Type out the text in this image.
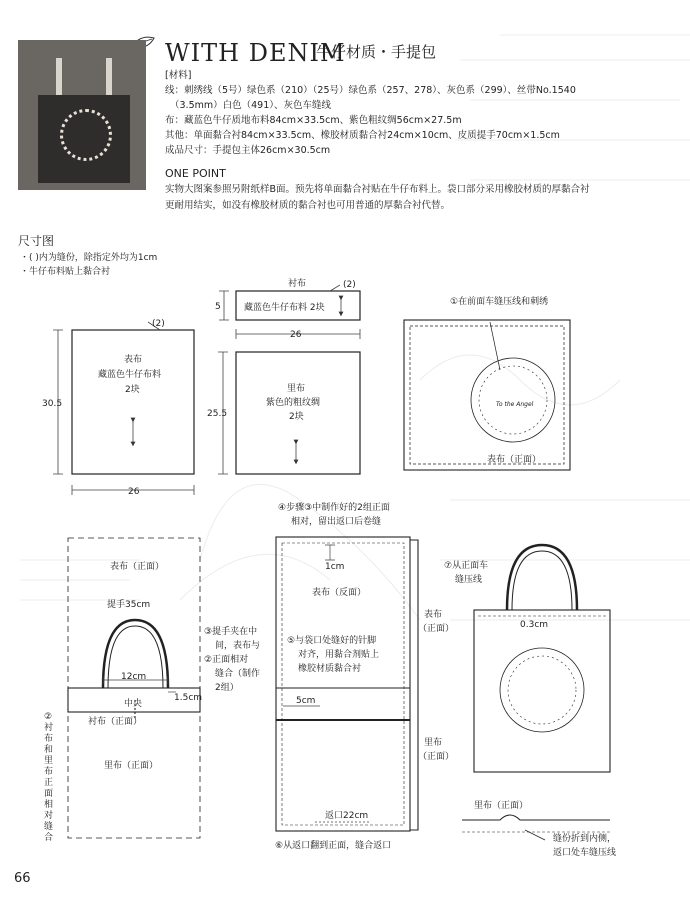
WITH DENIM
牛仔材质・手提包
[材料]
线：刺绣线（5号）绿色系（210）（25号）绿色系（257、278）、灰色系（299）、丝带No.1540
（3.5mm）白色（491）、灰色车缝线
布：藏蓝色牛仔质地布料84cm×33.5cm、紫色粗纹绸56cm×27.5m
其他：单面黏合衬84cm×33.5cm、橡胶材质黏合衬24cm×10cm、皮质提手70cm×1.5cm
成品尺寸：手提包主体26cm×30.5cm
ONE POINT
实物大图案参照另附纸样B面。预先将单面黏合衬贴在牛仔布料上。袋口部分采用橡胶材质的厚黏合衬
更耐用结实，如没有橡胶材质的黏合衬也可用普通的厚黏合衬代替。
尺寸图
・( )内为缝份，除指定外均为1cm
・牛仔布料贴上黏合衬
衬布	(2)
藏蓝色牛仔布料 2块
5
26
(2)
表布
藏蓝色牛仔布料
2块
30.5
26
25.5
里布
紫色的粗纹绸
2块
①在前面车缝压线和刺绣
表布（正面）
To the Angel
④步骤③中制作好的2组正面
相对，留出返口后卷缝
表布（正面）
提手35cm
12cm
中央
1.5cm
③提手夹在中
间，表布与
②正面相对
缝合（制作
2组）
衬布（正面）
里布（正面）
1cm
表布（反面）
⑤与袋口处缝好的针脚
对齐，用黏合剂贴上
橡胶材质黏合衬
5cm
表布
（正面）
里布
（正面）
返口22cm
⑥从返口翻到正面，缝合返口
⑦从正面车
缝压线
0.3cm
里布（正面）
缝份折到内侧，
返口处车缝压线
②衬布和里布正面相对缝合
66
